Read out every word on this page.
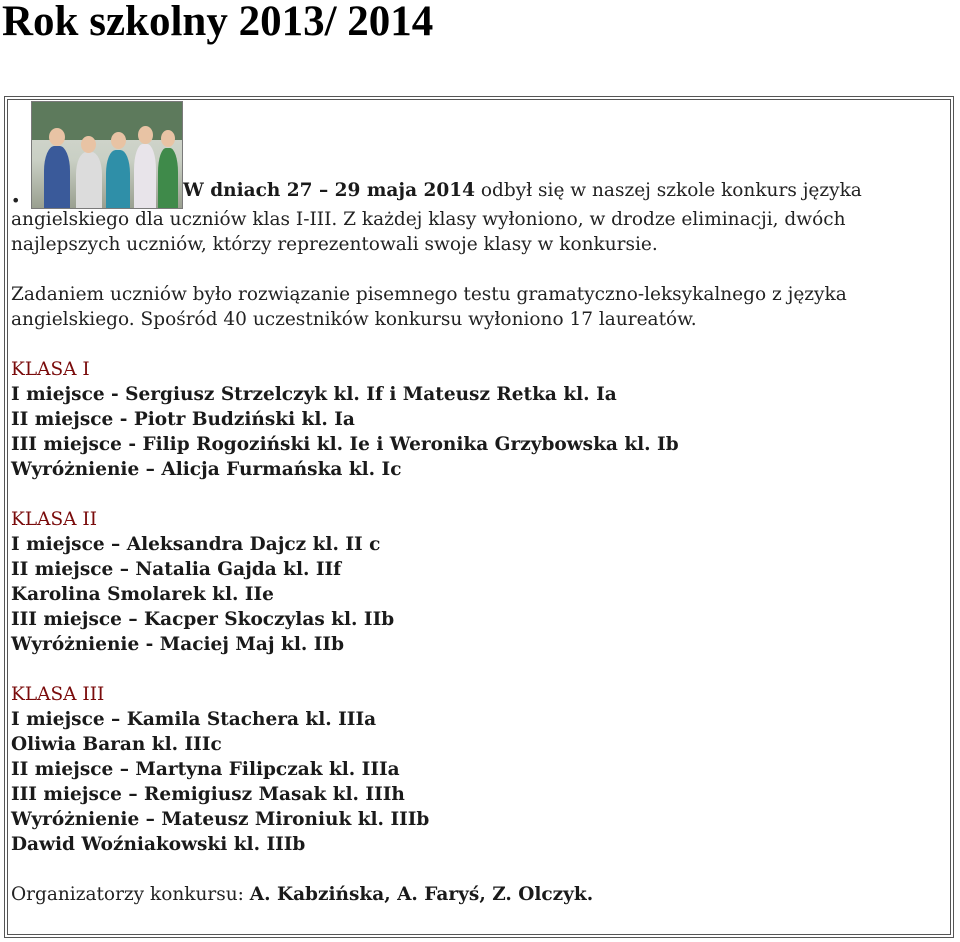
Rok szkolny 2013/ 2014
•	W dniach 27 – 29 maja 2014 odbył się w naszej szkole konkurs języka

angielskiego dla uczniów klas I-III. Z każdej klasy wyłoniono, w drodze eliminacji, dwóch

najlepszych uczniów, którzy reprezentowali swoje klasy w konkursie.

Zadaniem uczniów było rozwiązanie pisemnego testu gramatyczno-leksykalnego z języka

angielskiego. Spośród 40 uczestników konkursu wyłoniono 17 laureatów.

KLASA I

I miejsce - Sergiusz Strzelczyk kl. If i Mateusz Retka kl. Ia

II miejsce - Piotr Budziński kl. Ia

III miejsce - Filip Rogoziński kl. Ie i Weronika Grzybowska kl. Ib

Wyróżnienie – Alicja Furmańska kl. Ic

KLASA II

I miejsce – Aleksandra Dajcz kl. II c

II miejsce – Natalia Gajda kl. IIf

Karolina Smolarek kl. IIe

III miejsce – Kacper Skoczylas kl. IIb

Wyróżnienie - Maciej Maj kl. IIb

KLASA III

I miejsce – Kamila Stachera kl. IIIa

Oliwia Baran kl. IIIc

II miejsce – Martyna Filipczak kl. IIIa

III miejsce – Remigiusz Masak kl. IIIh

Wyróżnienie – Mateusz Mironiuk kl. IIIb

Dawid Woźniakowski kl. IIIb

Organizatorzy konkursu: A. Kabzińska, A. Faryś, Z. Olczyk.
